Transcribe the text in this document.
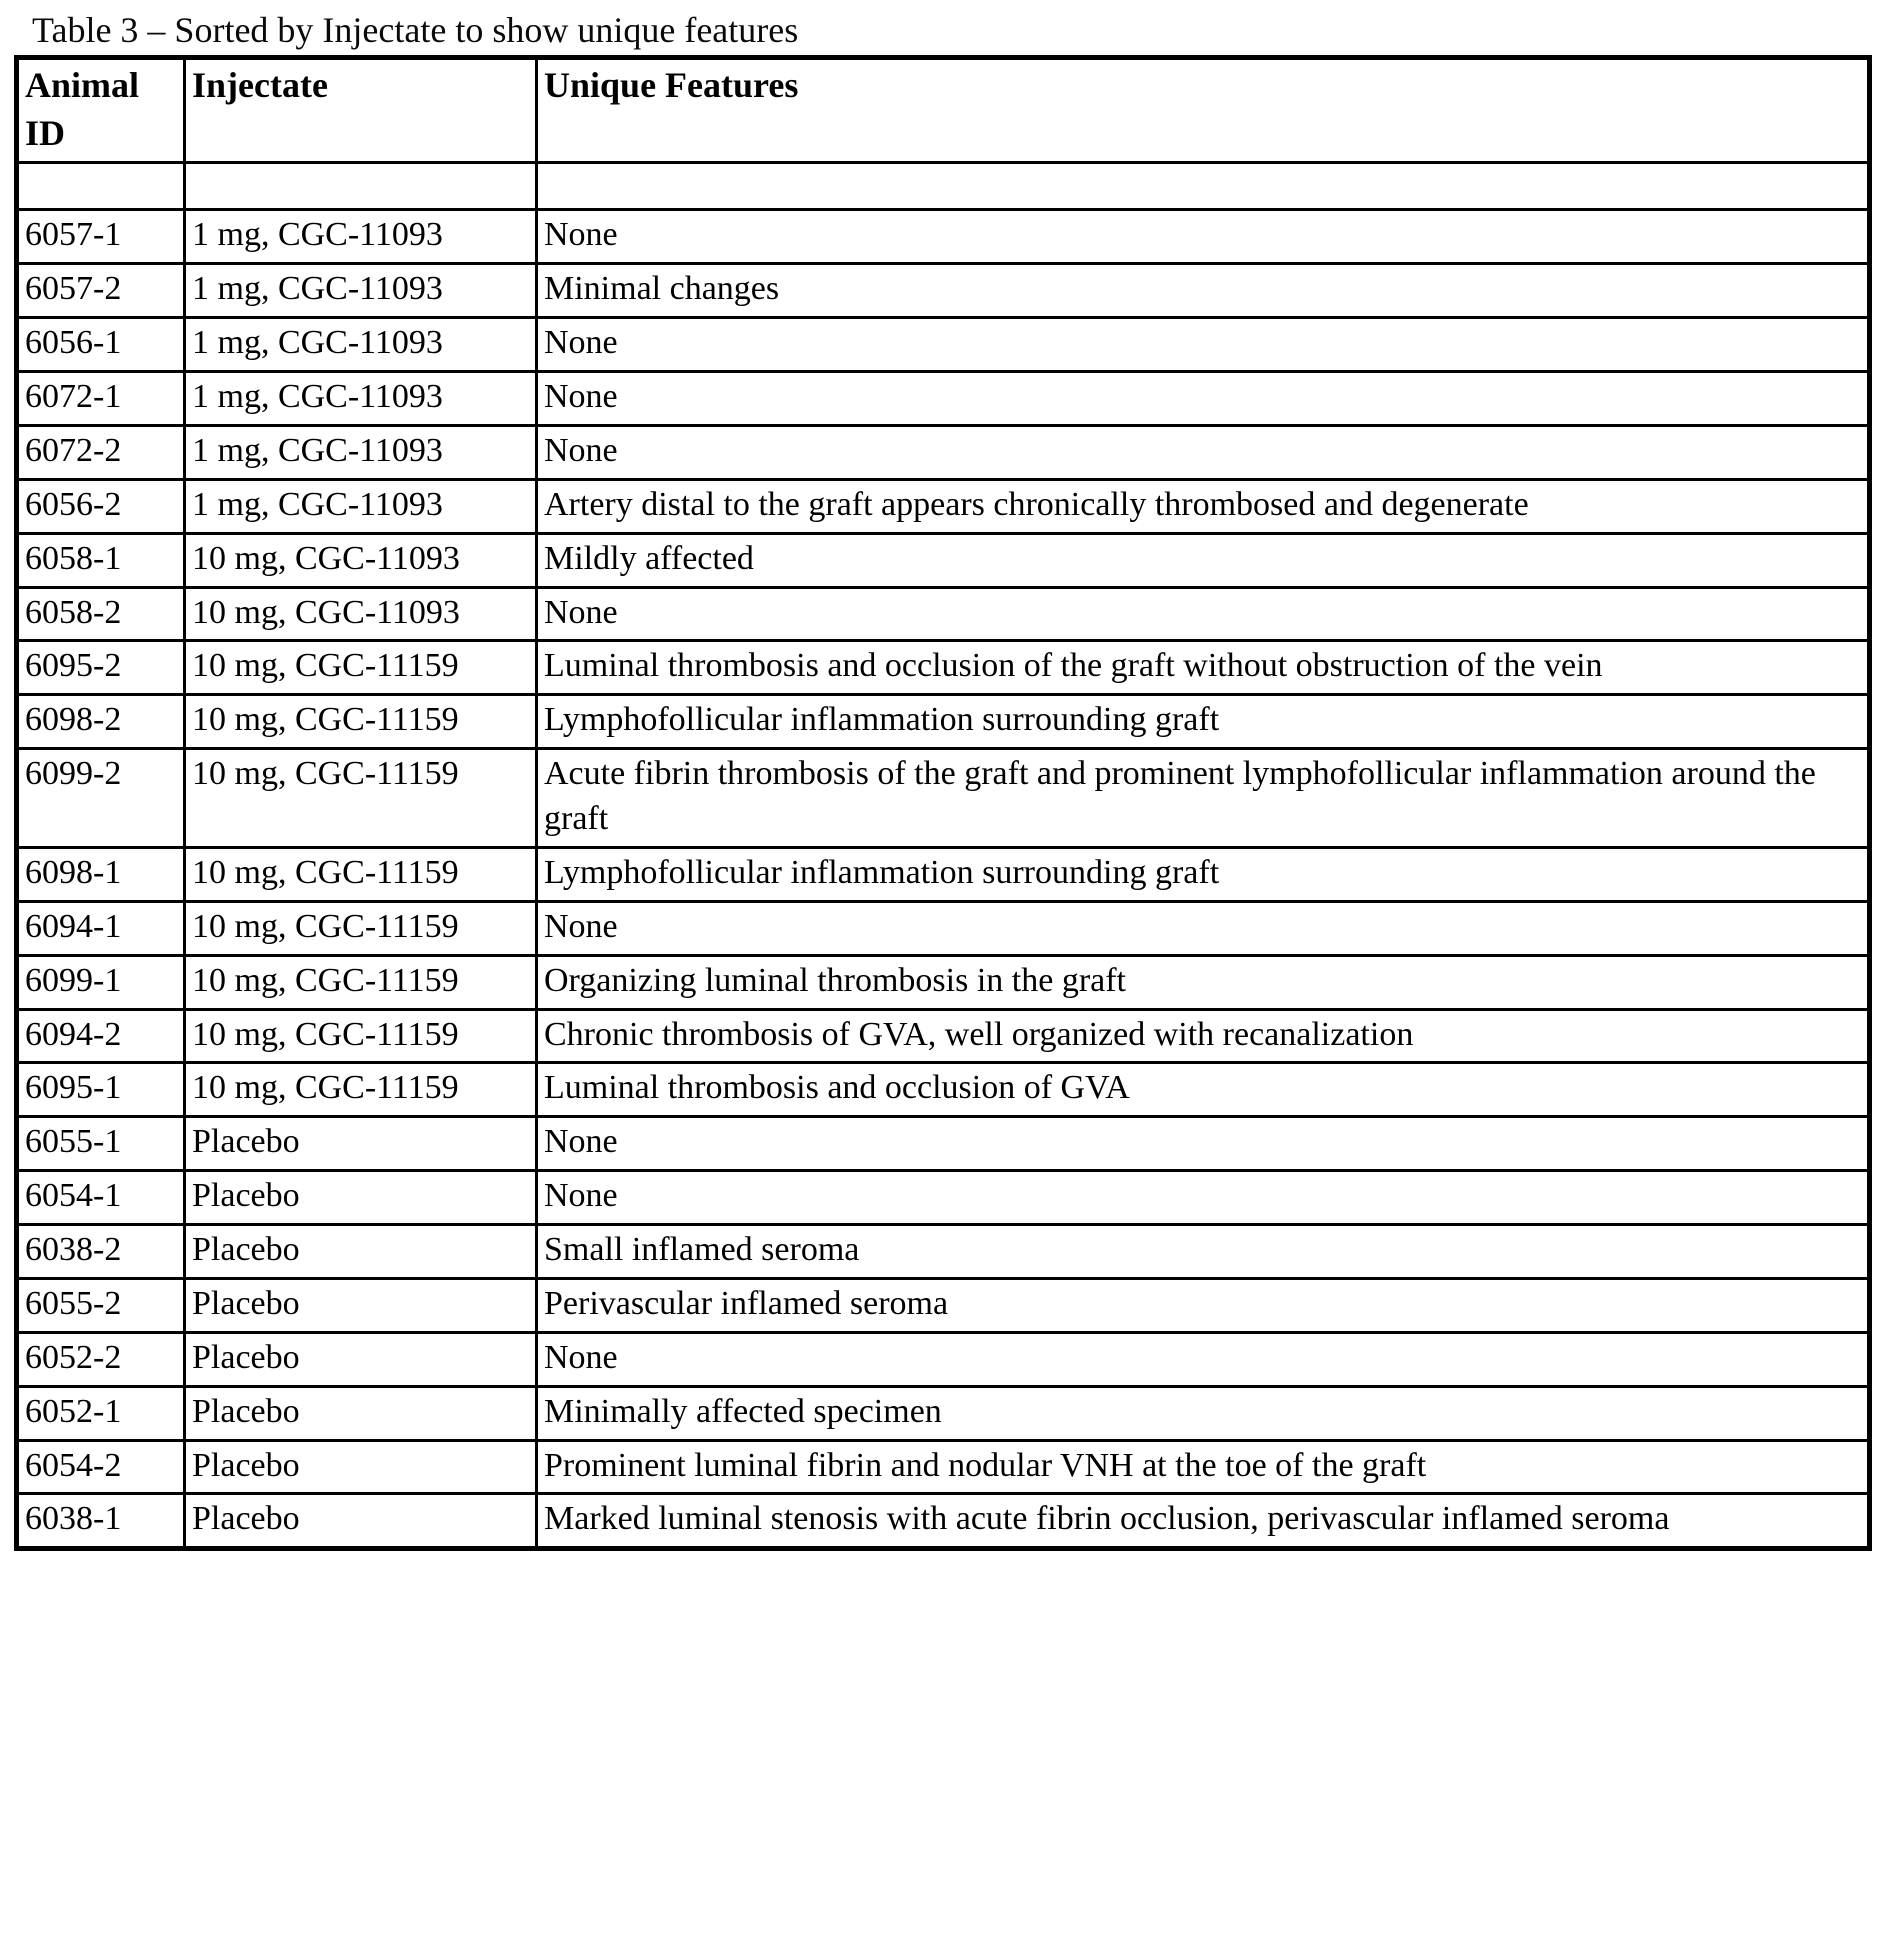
Table 3 – Sorted by Injectate to show unique features
Animal ID	Injectate	Unique Features

6057-1	1 mg, CGC-11093	None
6057-2	1 mg, CGC-11093	Minimal changes
6056-1	1 mg, CGC-11093	None
6072-1	1 mg, CGC-11093	None
6072-2	1 mg, CGC-11093	None
6056-2	1 mg, CGC-11093	Artery distal to the graft appears chronically thrombosed and degenerate
6058-1	10 mg, CGC-11093	Mildly affected
6058-2	10 mg, CGC-11093	None
6095-2	10 mg, CGC-11159	Luminal thrombosis and occlusion of the graft without obstruction of the vein
6098-2	10 mg, CGC-11159	Lymphofollicular inflammation surrounding graft
6099-2	10 mg, CGC-11159	Acute fibrin thrombosis of the graft and prominent lymphofollicular inflammation around the graft
6098-1	10 mg, CGC-11159	Lymphofollicular inflammation surrounding graft
6094-1	10 mg, CGC-11159	None
6099-1	10 mg, CGC-11159	Organizing luminal thrombosis in the graft
6094-2	10 mg, CGC-11159	Chronic thrombosis of GVA, well organized with recanalization
6095-1	10 mg, CGC-11159	Luminal thrombosis and occlusion of GVA
6055-1	Placebo	None
6054-1	Placebo	None
6038-2	Placebo	Small inflamed seroma
6055-2	Placebo	Perivascular inflamed seroma
6052-2	Placebo	None
6052-1	Placebo	Minimally affected specimen
6054-2	Placebo	Prominent luminal fibrin and nodular VNH at the toe of the graft
6038-1	Placebo	Marked luminal stenosis with acute fibrin occlusion, perivascular inflamed seroma
